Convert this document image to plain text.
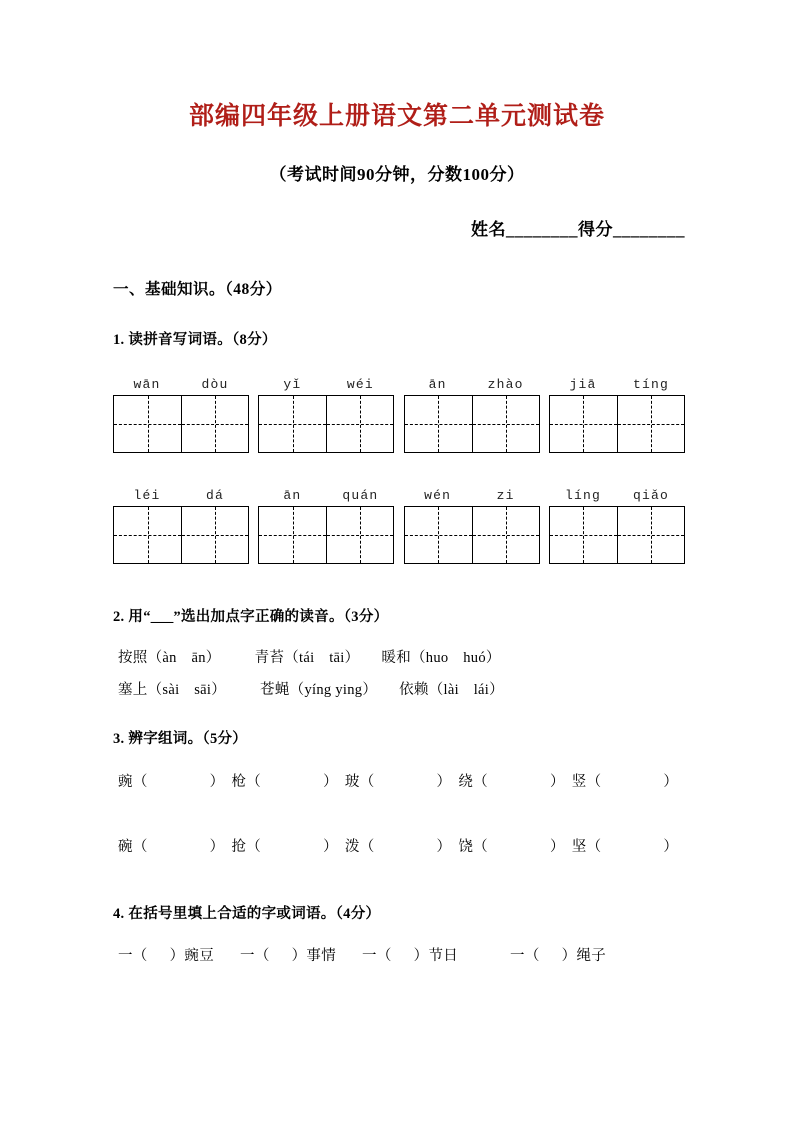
部编四年级上册语文第二单元测试卷
（考试时间90分钟，分数100分）
姓名________得分________
一、基础知识。（48分）
1. 读拼音写词语。（8分）
wān	dòu	yǐ	wéi	ān	zhào	jiā	tíng
léi	dá	ān	quán	wén	zi	líng	qiǎo
2. 用“___”选出加点字正确的读音。（3分）
按照（àn　ān） 青苔（tái　tāi） 暖和（huo　huó）
塞上（sài　sāi） 苍蝇（yíng ying） 依赖（lài　lái）
3. 辨字组词。（5分）
豌（	） 枪（	） 玻（	） 绕（	） 竖（	）
碗（	） 抢（	） 泼（	） 饶（	） 坚（	）
4. 在括号里填上合适的字或词语。（4分）
一（ ）豌豆 一（ ）事情 一（ ）节日	一（ ）绳子
